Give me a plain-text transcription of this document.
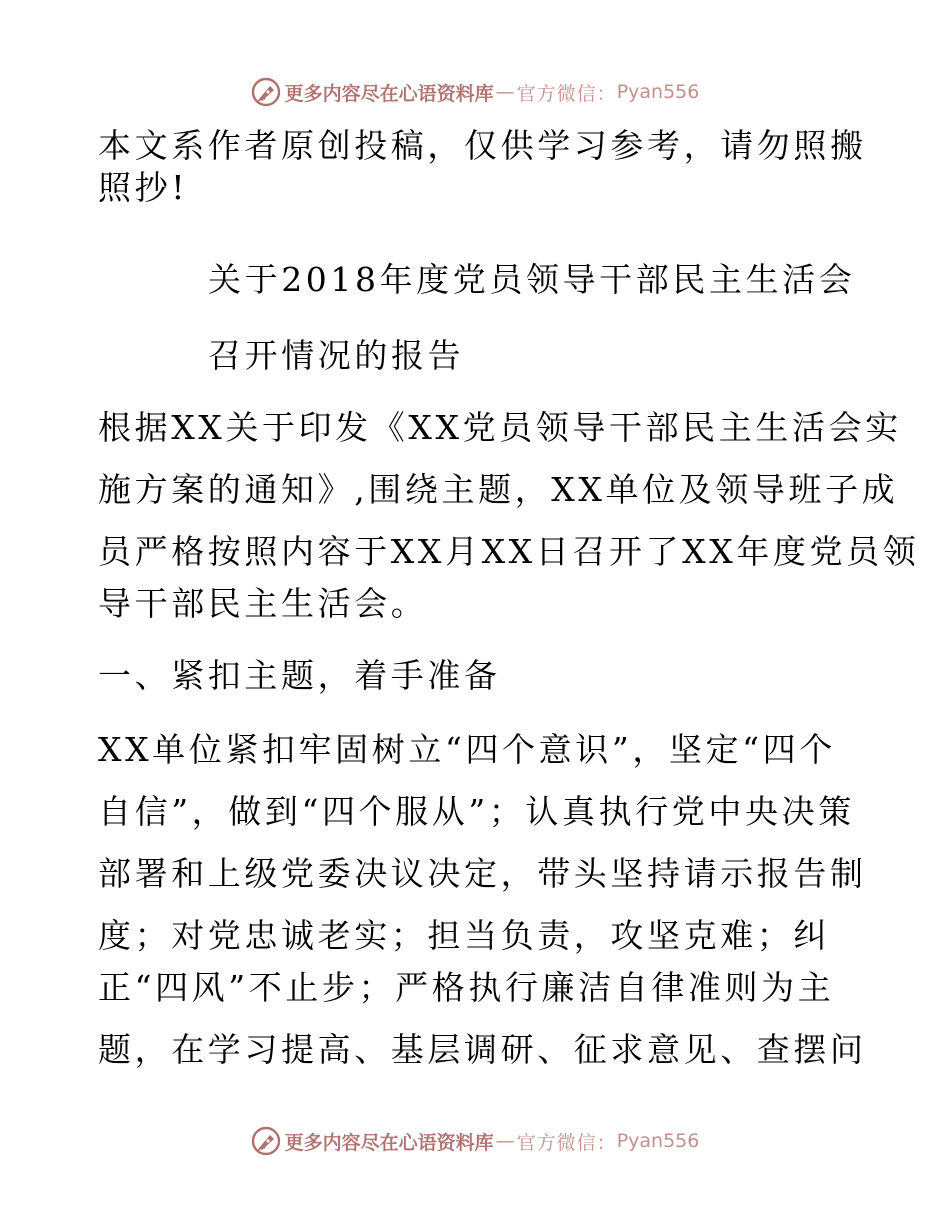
更多内容尽在心语资料库 — 官方微信： Pyan556
本文系作者原创投稿，仅供学习参考，请勿照搬
照抄!
关于2018年度党员领导干部民主生活会
召开情况的报告
根据XX关于印发《XX党员领导干部民主生活会实
施方案的通知》,围绕主题，XX单位及领导班子成
员严格按照内容于XX月XX日召开了XX年度党员领
导干部民主生活会。
一、紧扣主题，着手准备
XX单位紧扣牢固树立“四个意识”，坚定“四个
自信”，做到“四个服从”；认真执行党中央决策
部署和上级党委决议决定，带头坚持请示报告制
度；对党忠诚老实；担当负责，攻坚克难；纠
正“四风”不止步；严格执行廉洁自律准则为主
题，在学习提高、基层调研、征求意见、查摆问
更多内容尽在心语资料库 — 官方微信： Pyan556
